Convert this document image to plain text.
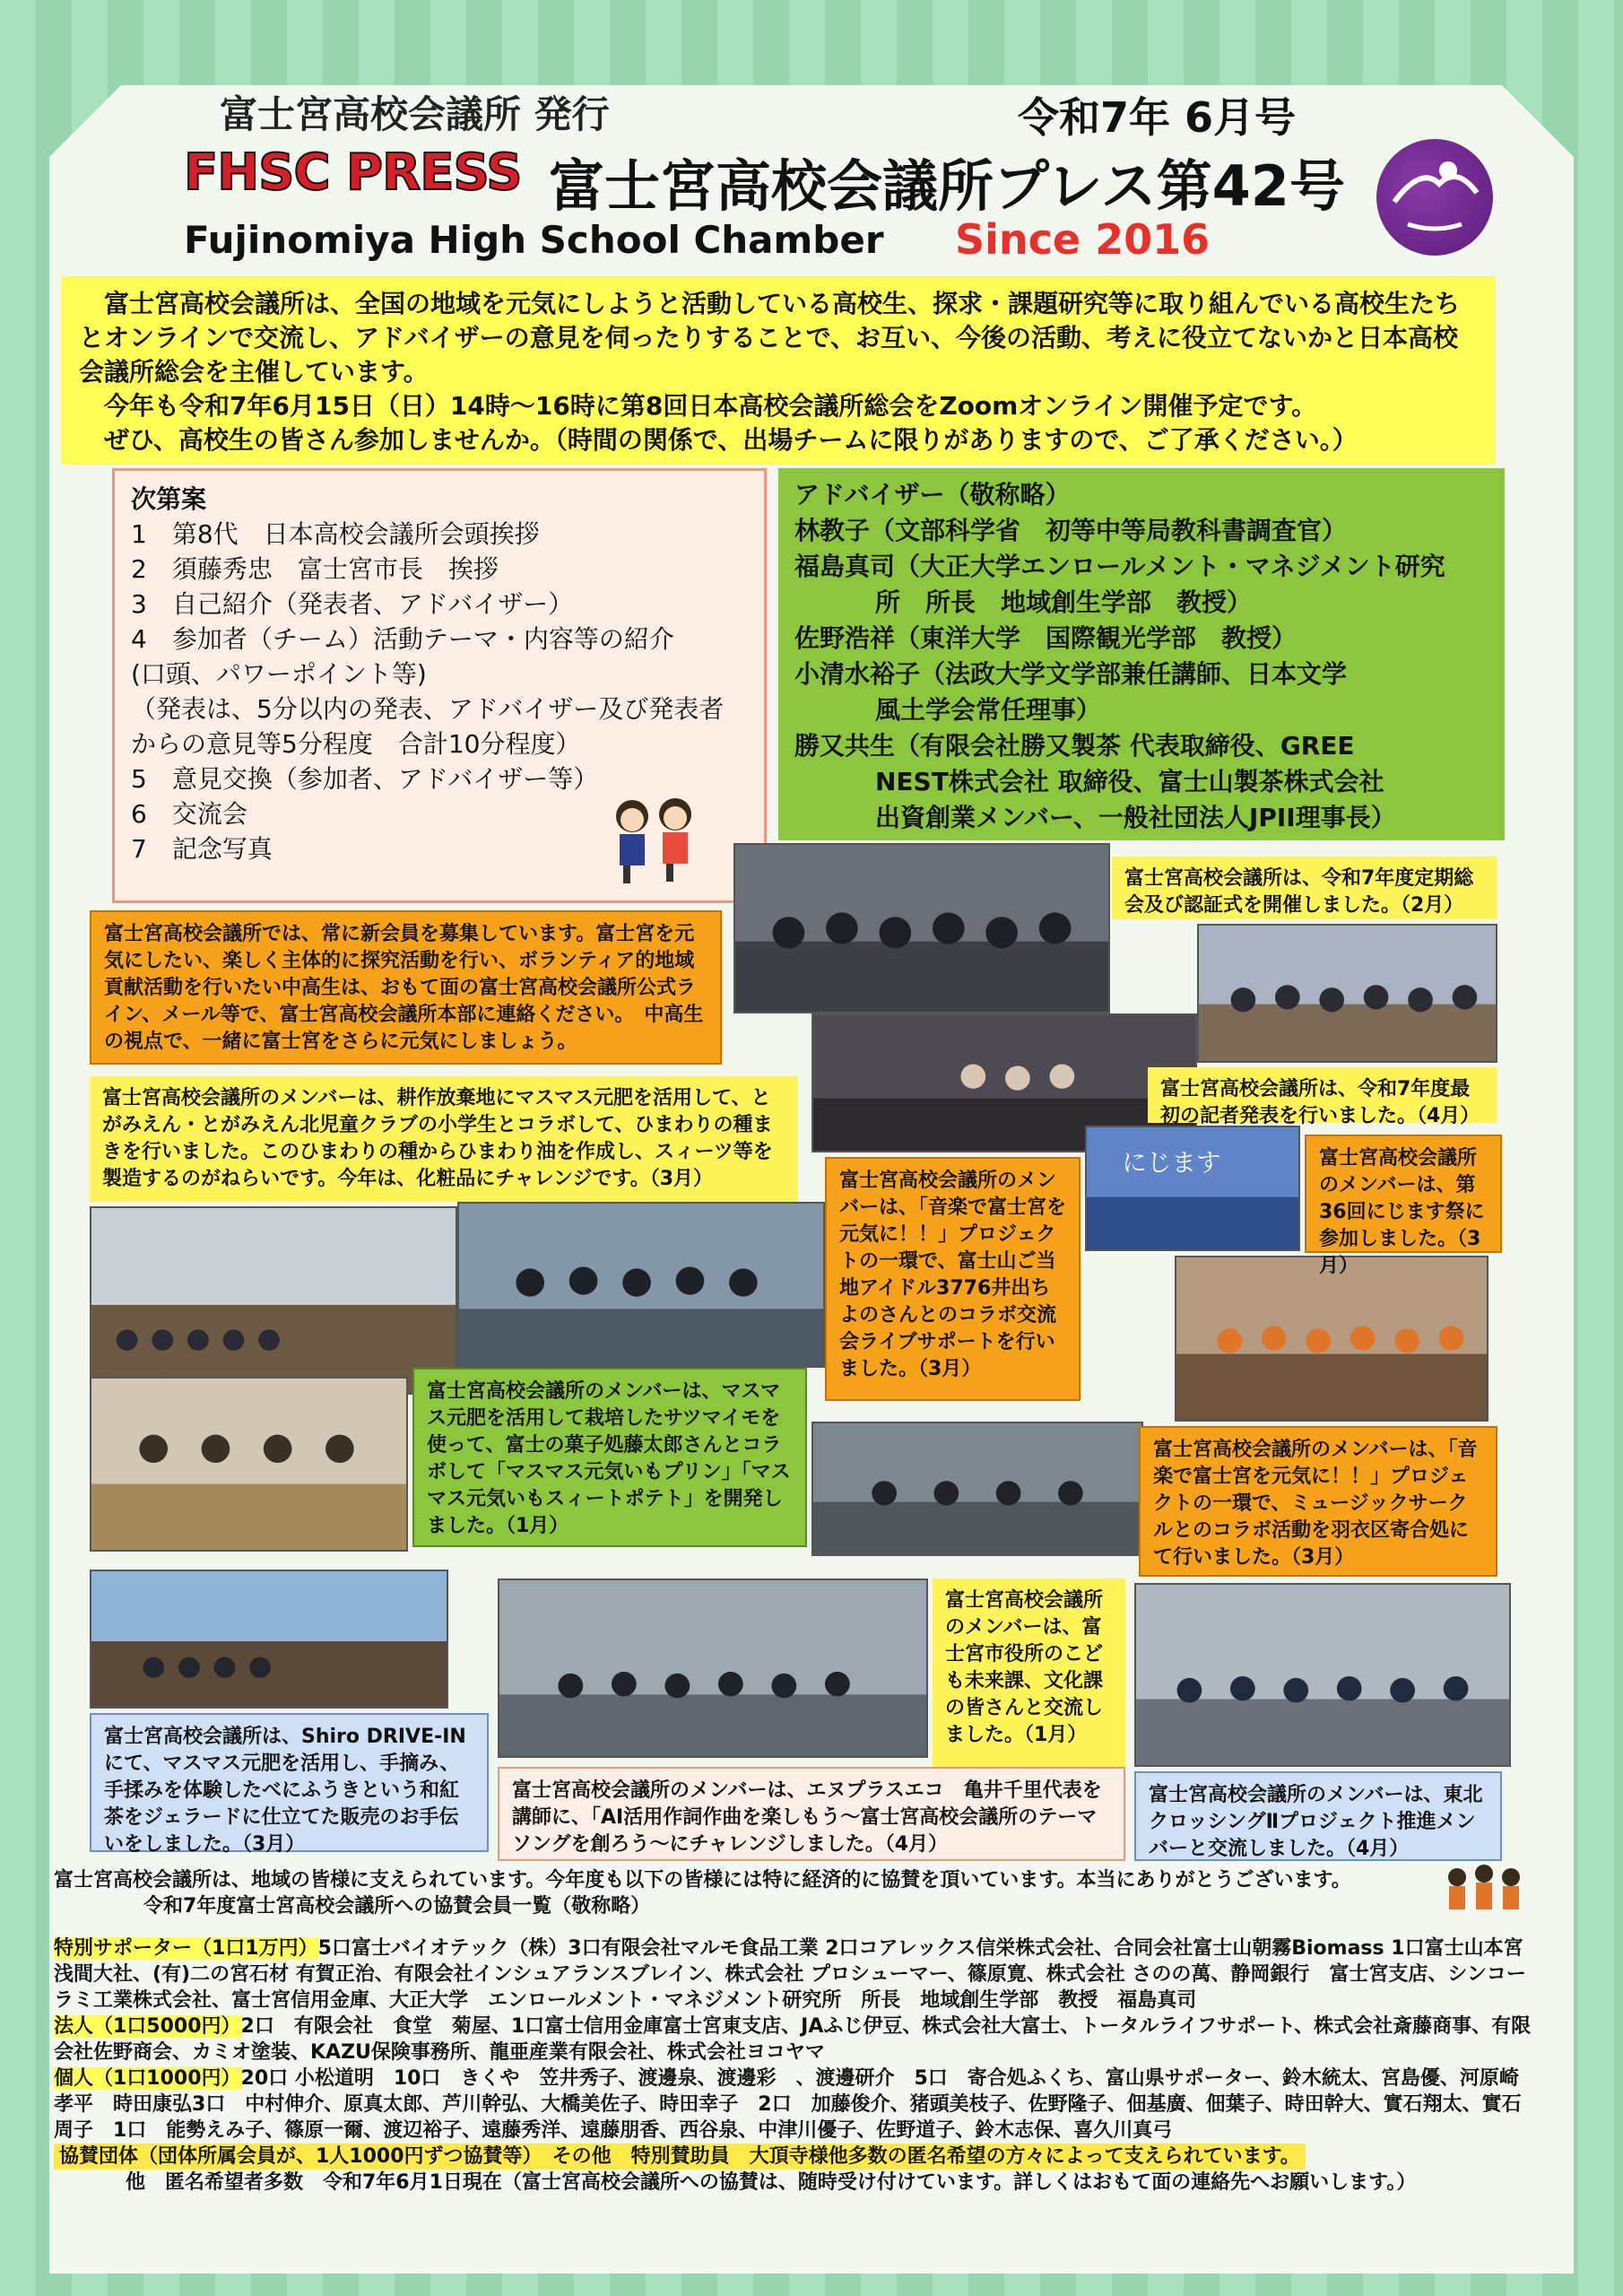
富士宮高校会議所 発行	令和7年 6月号
FHSC PRESS 富士宮高校会議所プレス第42号
Fujinomiya High School Chamber Since 2016

富士宮高校会議所は、全国の地域を元気にしようと活動している高校生、探求・課題研究等に取り組んでいる高校生たちとオンラインで交流し、アドバイザーの意見を伺ったりすることで、お互い、今後の活動、考えに役立てないかと日本高校会議所総会を主催しています。

今年も令和7年6月15日（日）14時～16時に第8回日本高校会議所総会をZoomオンライン開催予定です。

ぜひ、高校生の皆さん参加しませんか。（時間の関係で、出場チームに限りがありますので、ご了承ください。）

次第案
1　第8代　日本高校会議所会頭挨拶
2　須藤秀忠　富士宮市長　挨拶
3　自己紹介（発表者、アドバイザー）
4　参加者（チーム）活動テーマ・内容等の紹介
(口頭、パワーポイント等)
（発表は、5分以内の発表、アドバイザー及び発表者からの意見等5分程度　合計10分程度）
5　意見交換（参加者、アドバイザー等）
6　交流会
7　記念写真
アドバイザー（敬称略）
林教子（文部科学省　初等中等局教科書調査官）
福島真司（大正大学エンロールメント・マネジメント研究
所　所長　地域創生学部　教授）
佐野浩祥（東洋大学　国際観光学部　教授）
小清水裕子（法政大学文学部兼任講師、日本文学
風土学会常任理事）
勝又共生（有限会社勝又製茶 代表取締役、GREE
NEST株式会社 取締役、富士山製茶株式会社
出資創業メンバー、一般社団法人JPII理事長）
にじます
富士宮高校会議所では、常に新会員を募集しています。富士宮を元気にしたい、楽しく主体的に探究活動を行い、ボランティア的地域貢献活動を行いたい中高生は、おもて面の富士宮高校会議所公式ライン、メール等で、富士宮高校会議所本部に連絡ください。　中高生の視点で、一緒に富士宮をさらに元気にしましょう。
富士宮高校会議所は、令和7年度定期総会及び認証式を開催しました。（2月）
富士宮高校会議所は、令和7年度最初の記者発表を行いました。（4月）
富士宮高校会議所のメンバーは、耕作放棄地にマスマス元肥を活用して、とがみえん・とがみえん北児童クラブの小学生とコラボして、ひまわりの種まきを行いました。このひまわりの種からひまわり油を作成し、スィーツ等を製造するのがねらいです。今年は、化粧品にチャレンジです。（3月）	富士宮高校会議所のメンバーは、「音楽で富士宮を元気に！！」プロジェクトの一環で、富士山ご当地アイドル3776井出ちよのさんとのコラボ交流会ライブサポートを行いました。（3月）
富士宮高校会議所のメンバーは、第36回にじます祭に参加しました。（3月）
富士宮高校会議所のメンバーは、マスマス元肥を活用して栽培したサツマイモを使って、富士の菓子処藤太郎さんとコラボして「マスマス元気いもプリン」「マスマス元気いもスィートポテト」を開発しました。（1月）
富士宮高校会議所のメンバーは、「音楽で富士宮を元気に！！」プロジェクトの一環で、ミュージックサークルとのコラボ活動を羽衣区寄合処にて行いました。（3月）
富士宮高校会議所のメンバーは、富士宮市役所のこども未来課、文化課の皆さんと交流しました。（1月）
富士宮高校会議所は、Shiro DRIVE-INにて、マスマス元肥を活用し、手摘み、手揉みを体験したべにふうきという和紅茶をジェラードに仕立てた販売のお手伝いをしました。（3月）
富士宮高校会議所のメンバーは、エヌプラスエコ　亀井千里代表を講師に、「AI活用作詞作曲を楽しもう～富士宮高校会議所のテーマソングを創ろう～にチャレンジしました。（4月）
富士宮高校会議所のメンバーは、東北クロッシングⅡプロジェクト推進メンバーと交流しました。（4月）
富士宮高校会議所は、地域の皆様に支えられています。今年度も以下の皆様には特に経済的に協賛を頂いています。本当にありがとうございます。
令和7年度富士宮高校会議所への協賛会員一覧（敬称略）
特別サポーター（1口1万円）5口富士バイオテック（株）3口有限会社マルモ食品工業 2口コアレックス信栄株式会社、合同会社富士山朝霧Biomass 1口富士山本宮浅間大社、(有)二の宮石材 有賀正治、有限会社インシュアランスブレイン、株式会社 プロシューマー、篠原寛、株式会社 さのの萬、静岡銀行　富士宮支店、シンコーラミ工業株式会社、富士宮信用金庫、大正大学　エンロールメント・マネジメント研究所　所長　地域創生学部　教授　福島真司
法人（1口5000円）2口　有限会社　食堂　菊屋、1口富士信用金庫富士宮東支店、JAふじ伊豆、株式会社大富士、トータルライフサポート、株式会社斎藤商事、有限会社佐野商会、カミオ塗装、KAZU保険事務所、龍亜産業有限会社、株式会社ヨコヤマ
個人（1口1000円）20口 小松道明　10口　きくや　笠井秀子、渡邊泉、渡邊彩　、渡邊研介　5口　寄合処ふくち、富山県サポーター、鈴木統太、宮島優、河原崎孝平　時田康弘3口　中村伸介、原真太郎、芦川幹弘、大橋美佐子、時田幸子　2口　加藤俊介、猪頭美枝子、佐野隆子、佃基廣、佃葉子、時田幹大、實石翔太、實石周子　1口　能勢えみ子、篠原一爾、渡辺裕子、遠藤秀洋、遠藤朋香、西谷泉、中津川優子、佐野道子、鈴木志保、喜久川真弓
協賛団体（団体所属会員が、1人1000円ずつ協賛等）　 その他　特別賛助員　大頂寺様他多数の匿名希望の方々によって支えられています。
他　匿名希望者多数　令和7年6月1日現在（富士宮高校会議所への協賛は、随時受け付けています。詳しくはおもて面の連絡先へお願いします。）
